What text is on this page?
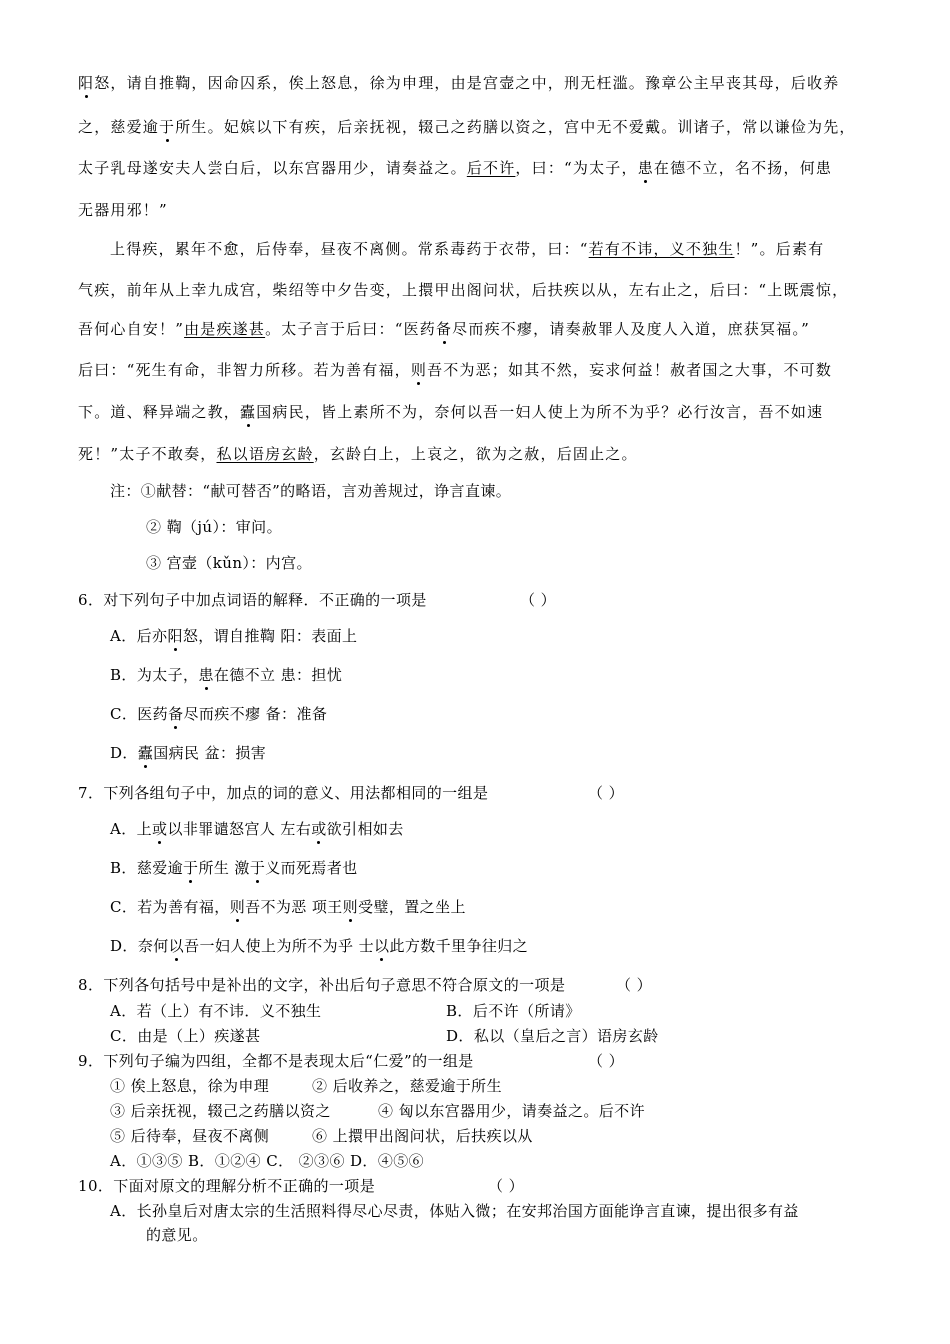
阳怒，请自推鞫，因命囚系，俟上怒息，徐为申理，由是宫壸之中，刑无枉滥。豫章公主早丧其母，后收养
之，慈爱逾于所生。妃嫔以下有疾，后亲抚视，辍己之药膳以资之，宫中无不爱戴。训诸子，常以谦俭为先，
太子乳母遂安夫人尝白后，以东宫器用少，请奏益之。后不许，曰：“为太子，患在德不立，名不扬，何患
无器用邪！”
上得疾，累年不愈，后侍奉，昼夜不离侧。常系毒药于衣带，曰：“若有不讳，义不独生！”。后素有
气疾，前年从上幸九成宫，柴绍等中夕告变，上擐甲出阁问状，后扶疾以从，左右止之，后曰：“上既震惊，
吾何心自安！”由是疾遂甚。太子言于后曰：“医药备尽而疾不瘳，请奏赦罪人及度人入道，庶获冥福。”
后曰：“死生有命，非智力所移。若为善有福，则吾不为恶；如其不然，妄求何益！赦者国之大事，不可数
下。道、释异端之教，蠹国病民，皆上素所不为，奈何以吾一妇人使上为所不为乎？必行汝言，吾不如速
死！”太子不敢奏，私以语房玄龄，玄龄白上，上哀之，欲为之赦，后固止之。
注：①献替：“献可替否”的略语，言劝善规过，诤言直谏。
② 鞫（jú）：审问。
③ 宫壸（kǔn）：内宫。
6．对下列句子中加点词语的解释．不正确的一项是	（ ）
A．后亦阳怒，谓自推鞫 阳：表面上
B．为太子，患在德不立 患：担忧
C．医药备尽而疾不瘳 备：准备
D．蠹国病民 盆：损害
7．下列各组句子中，加点的词的意义、用法都相同的一组是	（ ）
A．上或以非罪谴怒宫人 左右或欲引相如去
B．慈爱逾于所生 激于义而死焉者也
C．若为善有福，则吾不为恶 项王则受璧，置之坐上
D．奈何以吾一妇人使上为所不为乎 士以此方数千里争往归之
8．下列各句括号中是补出的文字，补出后句子意思不符合原文的一项是	（ ）
A．若（上）有不讳．义不独生	B．后不许（所请》
C．由是（上）疾遂甚	D．私以（皇后之言）语房玄龄
9．下列句子编为四组，全都不是表现太后“仁爱”的一组是	（ ）
① 俟上怒息，徐为申理	② 后收养之，慈爱逾于所生
③ 后亲抚视，辍己之药膳以资之	④ 匈以东宫器用少，请奏益之。后不许
⑤ 后待奉，昼夜不离侧	⑥ 上擐甲出阁问状，后扶疾以从
A．①③⑤ B．①②④ C． ②③⑥ D．④⑤⑥
10．下面对原文的理解分析不正确的一项是	（ ）
A．长孙皇后对唐太宗的生活照料得尽心尽责，体贴入微；在安邦治国方面能诤言直谏，提出很多有益
的意见。
